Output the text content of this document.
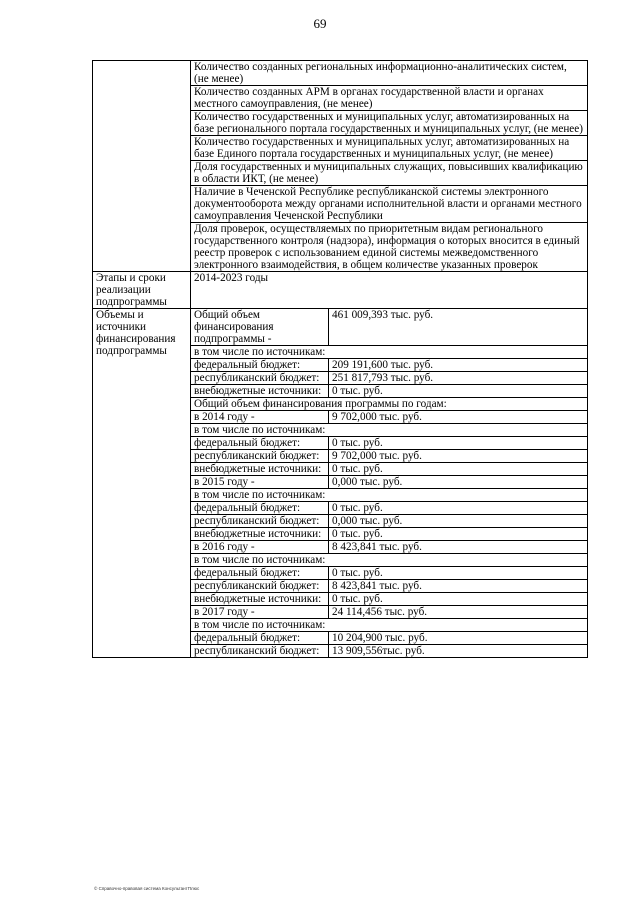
69
	Количество созданных региональных информационно-аналитических систем, (не менее)	
	Количество созданных АРМ в органах государственной власти и органах местного самоуправления, (не менее)	
	Количество государственных и муниципальных услуг, автоматизированных на базе регионального портала государственных и муниципальных услуг, (не менее)	
	Количество государственных и муниципальных услуг, автоматизированных на базе Единого портала государственных и муниципальных услуг, (не менее)	
	Доля государственных и муниципальных служащих, повысивших квалификацию в области ИКТ, (не менее)	
	Наличие в Чеченской Республике республиканской системы электронного документооборота между органами исполнительной власти и органами местного самоуправления Чеченской Республики	
	Доля проверок, осуществляемых по приоритетным видам регионального государственного контроля (надзора), информация о которых вносится в единый реестр проверок с использованием единой системы межведомственного электронного взаимодействия, в общем количестве указанных проверок	
Этапы и сроки реализации подпрограммы	2014-2023 годы	
Объемы и источники финансирования подпрограммы	Общий объем финансирования подпрограммы -	461 009,393 тыс. руб.
	в том числе по источникам:	
	федеральный бюджет:	209 191,600 тыс. руб.
	республиканский бюджет:	251 817,793 тыс. руб.
	внебюджетные источники:	0 тыс. руб.
	Общий объем финансирования программы по годам:	
	в 2014 году -	9 702,000 тыс. руб.
	в том числе по источникам:	
	федеральный бюджет:	0 тыс. руб.
	республиканский бюджет:	9 702,000 тыс. руб.
	внебюджетные источники:	0 тыс. руб.
	в 2015 году -	0,000 тыс. руб.
	в том числе по источникам:	
	федеральный бюджет:	0 тыс. руб.
	республиканский бюджет:	0,000 тыс. руб.
	внебюджетные источники:	0 тыс. руб.
	в 2016 году -	8 423,841 тыс. руб.
	в том числе по источникам:	
	федеральный бюджет:	0 тыс. руб.
	республиканский бюджет:	8 423,841 тыс. руб.
	внебюджетные источники:	0 тыс. руб.
	в 2017 году -	24 114,456 тыс. руб.
	в том числе по источникам:	
	федеральный бюджет:	10 204,900 тыс. руб.
	республиканский бюджет:	13 909,556тыс. руб.
© Справочно-правовая система КонсультантПлюс
